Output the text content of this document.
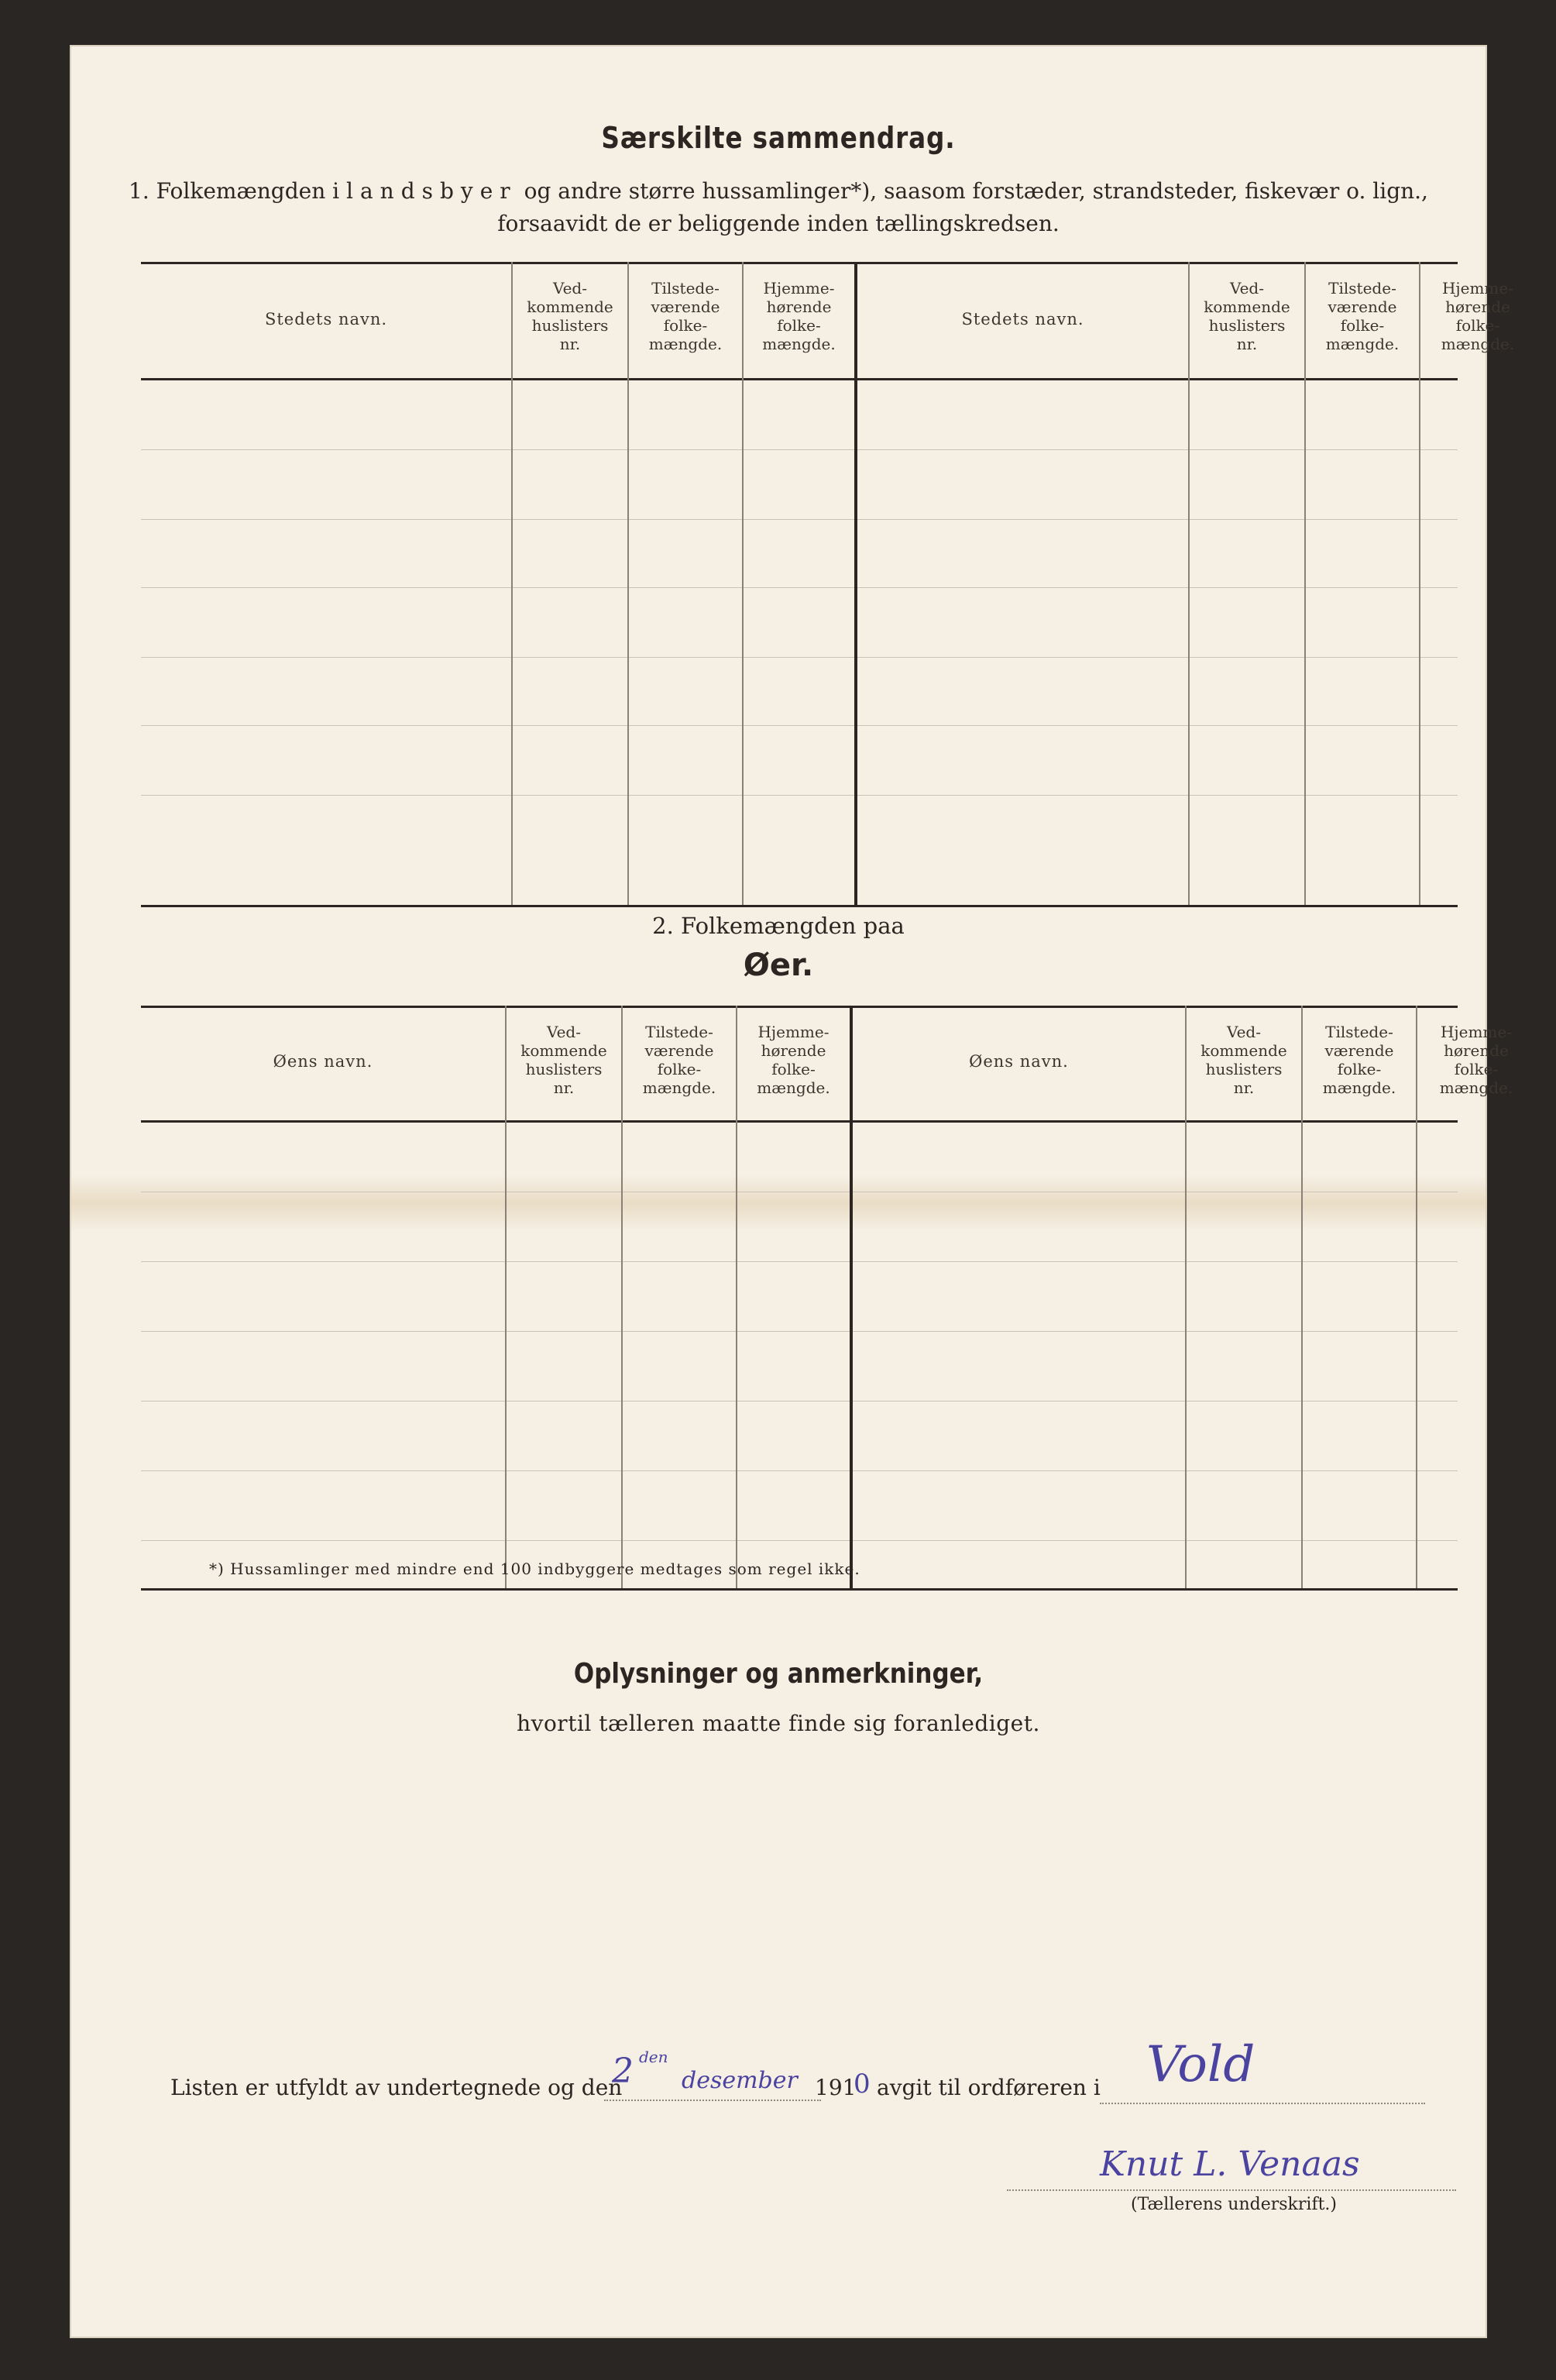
Særskilte sammendrag.
1. Folkemængden i landsbyer og andre større hussamlinger*), saasom forstæder, strandsteder, fiskevær o. lign.,
forsaavidt de er beliggende inden tællingskredsen.
Stedets navn.
Ved-
kommende
huslisters
nr.
Tilstede-
værende
folke-
mængde.
Hjemme-
hørende
folke-
mængde.
Stedets navn.
Ved-
kommende
huslisters
nr.
Tilstede-
værende
folke-
mængde.
Hjemme-
hørende
folke-
mængde.
2. Folkemængden paa
Øer.
Øens navn.
Ved-
kommende
huslisters
nr.
Tilstede-
værende
folke-
mængde.
Hjemme-
hørende
folke-
mængde.
Øens navn.
Ved-
kommende
huslisters
nr.
Tilstede-
værende
folke-
mængde.
Hjemme-
hørende
folke-
mængde.
*) Hussamlinger med mindre end 100 indbyggere medtages som regel ikke.
Oplysninger og anmerkninger,
hvortil tælleren maatte finde sig foranlediget.
Listen er utfyldt av undertegnede og den
2 den
desember 191
0 avgit til ordføreren i Vold
Knut L. Venaas
(Tællerens underskrift.)
